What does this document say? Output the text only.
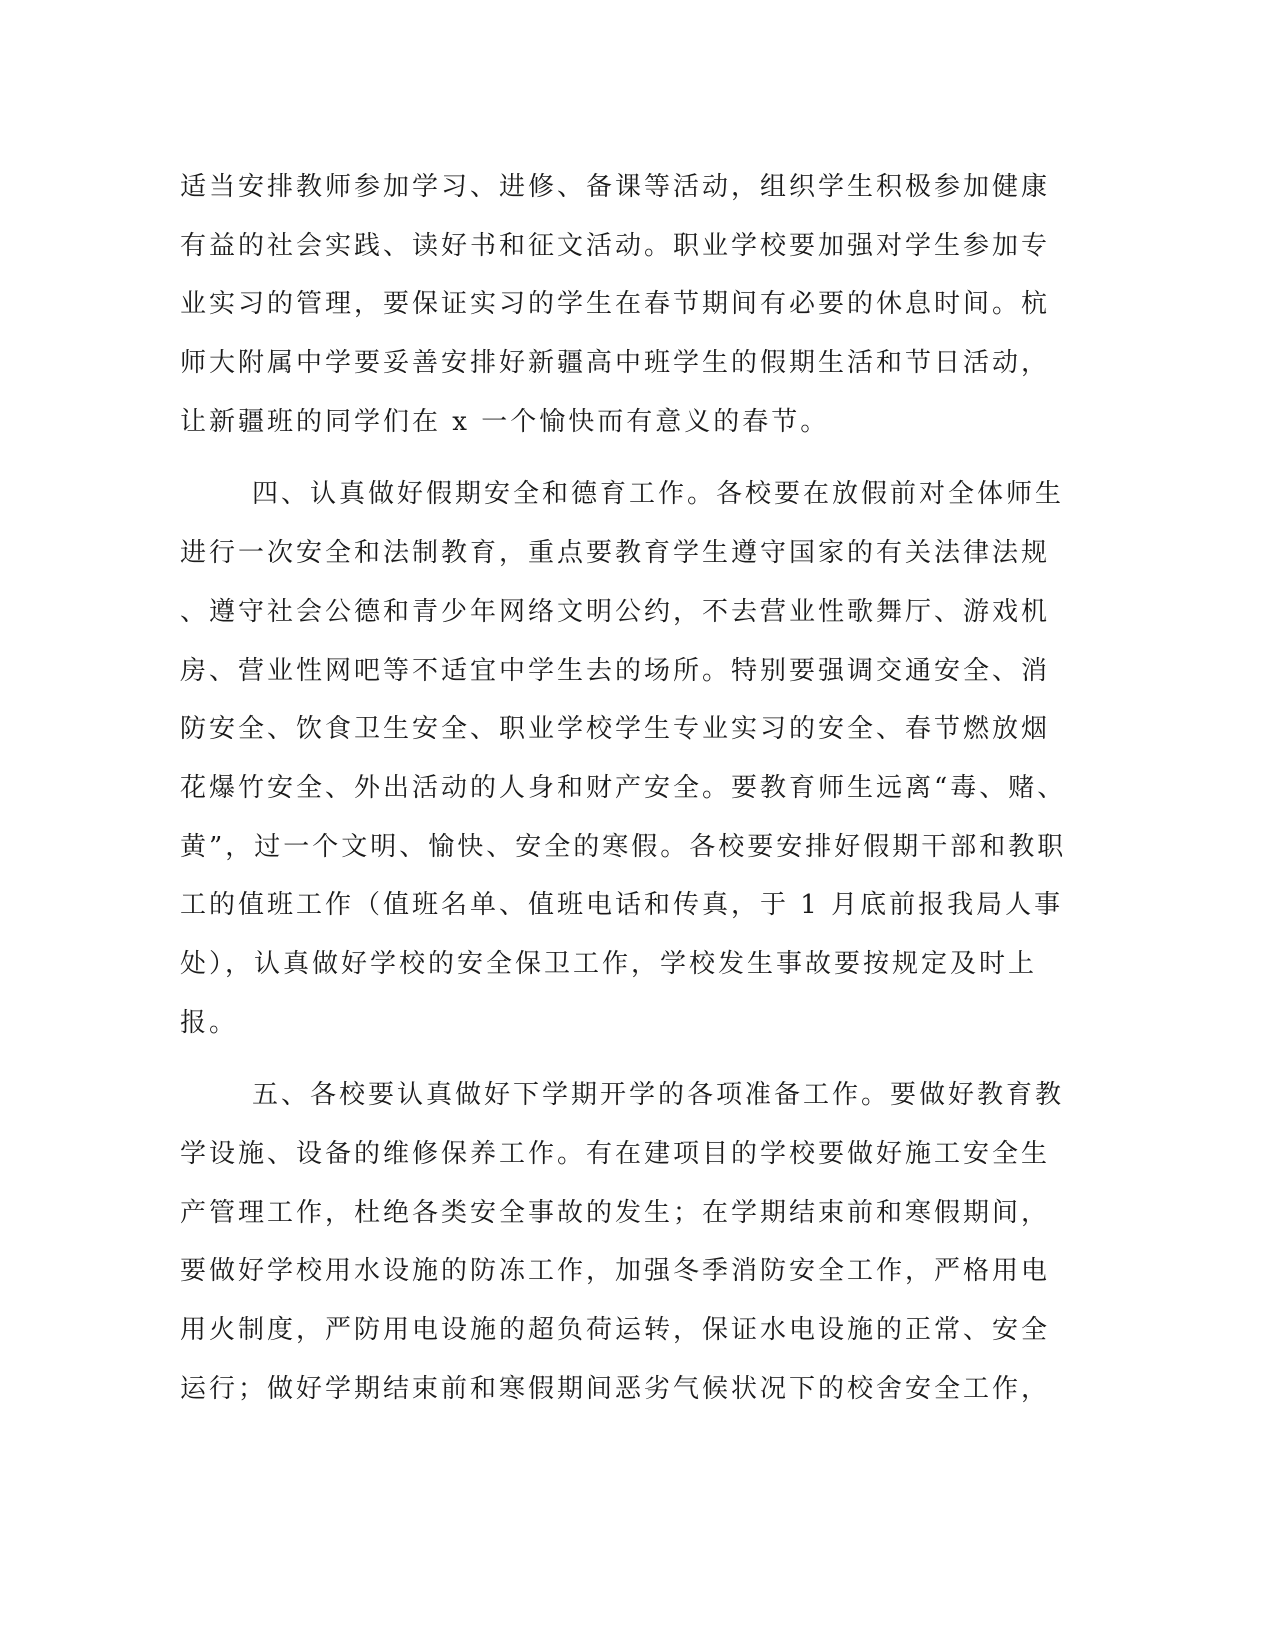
适当安排教师参加学习、进修、备课等活动，组织学生积极参加健康
有益的社会实践、读好书和征文活动。职业学校要加强对学生参加专
业实习的管理，要保证实习的学生在春节期间有必要的休息时间。杭
师大附属中学要妥善安排好新疆高中班学生的假期生活和节日活动，
让新疆班的同学们在 x 一个愉快而有意义的春节。
四、认真做好假期安全和德育工作。各校要在放假前对全体师生
进行一次安全和法制教育，重点要教育学生遵守国家的有关法律法规
、遵守社会公德和青少年网络文明公约，不去营业性歌舞厅、游戏机
房、营业性网吧等不适宜中学生去的场所。特别要强调交通安全、消
防安全、饮食卫生安全、职业学校学生专业实习的安全、春节燃放烟
花爆竹安全、外出活动的人身和财产安全。要教育师生远离“毒、赌、
黄”，过一个文明、愉快、安全的寒假。各校要安排好假期干部和教职
工的值班工作（值班名单、值班电话和传真，于 1 月底前报我局人事
处），认真做好学校的安全保卫工作，学校发生事故要按规定及时上
报。
五、各校要认真做好下学期开学的各项准备工作。要做好教育教
学设施、设备的维修保养工作。有在建项目的学校要做好施工安全生
产管理工作，杜绝各类安全事故的发生；在学期结束前和寒假期间，
要做好学校用水设施的防冻工作，加强冬季消防安全工作，严格用电
用火制度，严防用电设施的超负荷运转，保证水电设施的正常、安全
运行；做好学期结束前和寒假期间恶劣气候状况下的校舍安全工作，
